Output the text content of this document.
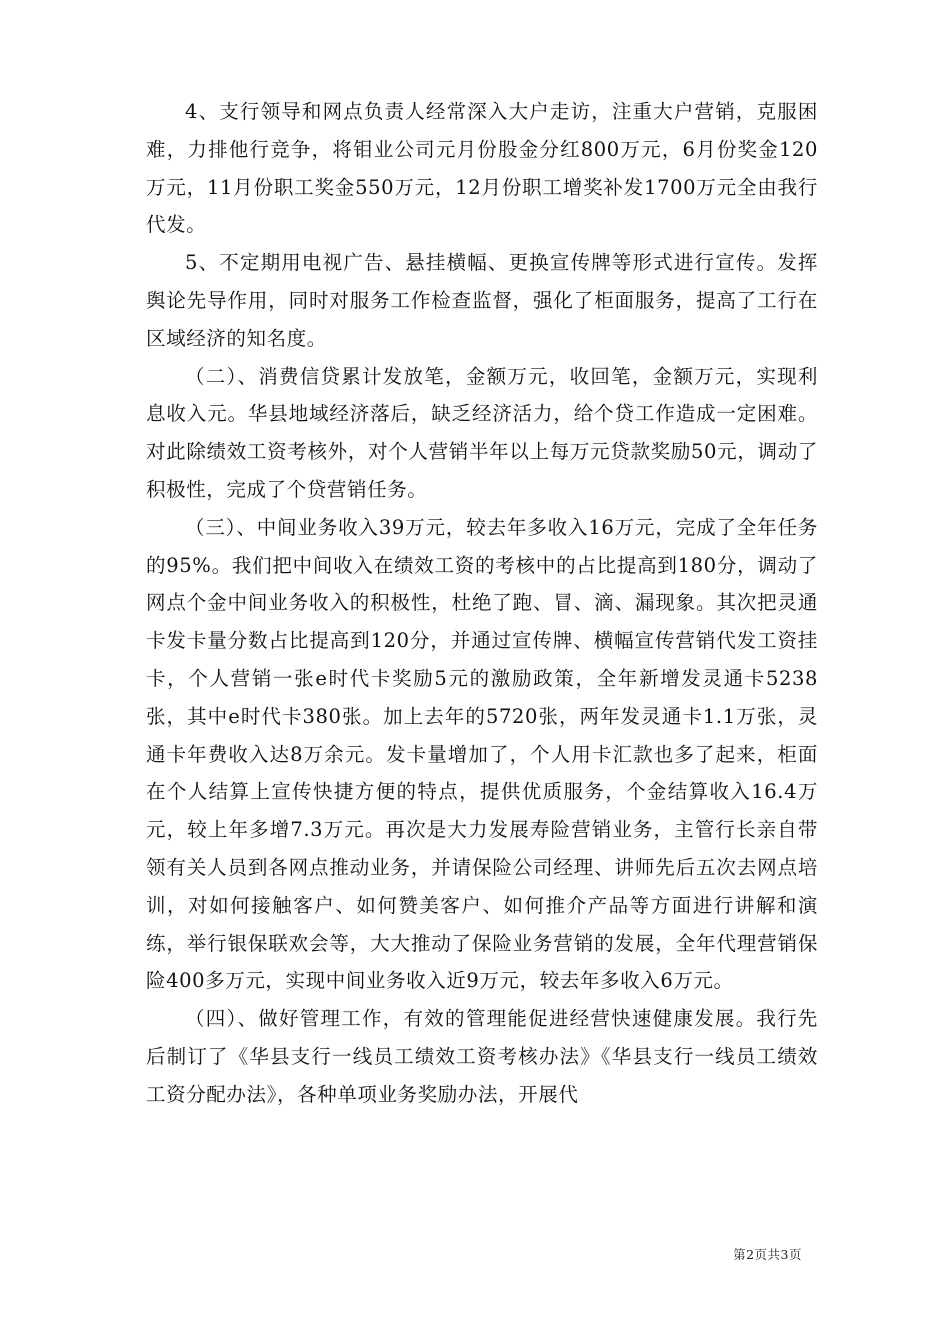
4、支行领导和网点负责人经常深入大户走访，注重大户营销，克服困难，力排他行竞争，将钼业公司元月份股金分红800万元，6月份奖金120万元，11月份职工奖金550万元，12月份职工增奖补发1700万元全由我行代发。

5、不定期用电视广告、悬挂横幅、更换宣传牌等形式进行宣传。发挥舆论先导作用，同时对服务工作检查监督，强化了柜面服务，提高了工行在区域经济的知名度。

（二）、消费信贷累计发放笔，金额万元，收回笔，金额万元，实现利息收入元。华县地域经济落后，缺乏经济活力，给个贷工作造成一定困难。对此除绩效工资考核外，对个人营销半年以上每万元贷款奖励50元，调动了积极性，完成了个贷营销任务。

（三）、中间业务收入39万元，较去年多收入16万元，完成了全年任务的95%。我们把中间收入在绩效工资的考核中的占比提高到180分，调动了网点个金中间业务收入的积极性，杜绝了跑、冒、滴、漏现象。其次把灵通卡发卡量分数占比提高到120分，并通过宣传牌、横幅宣传营销代发工资挂卡，个人营销一张e时代卡奖励5元的激励政策，全年新增发灵通卡5238张，其中e时代卡380张。加上去年的5720张，两年发灵通卡1.1万张，灵通卡年费收入达8万余元。发卡量增加了，个人用卡汇款也多了起来，柜面在个人结算上宣传快捷方便的特点，提供优质服务，个金结算收入16.4万元，较上年多增7.3万元。再次是大力发展寿险营销业务，主管行长亲自带领有关人员到各网点推动业务，并请保险公司经理、讲师先后五次去网点培训，对如何接触客户、如何赞美客户、如何推介产品等方面进行讲解和演练，举行银保联欢会等，大大推动了保险业务营销的发展，全年代理营销保险400多万元，实现中间业务收入近9万元，较去年多收入6万元。

（四）、做好管理工作，有效的管理能促进经营快速健康发展。我行先后制订了《华县支行一线员工绩效工资考核办法》《华县支行一线员工绩效工资分配办法》，各种单项业务奖励办法，开展代

第2页共3页
